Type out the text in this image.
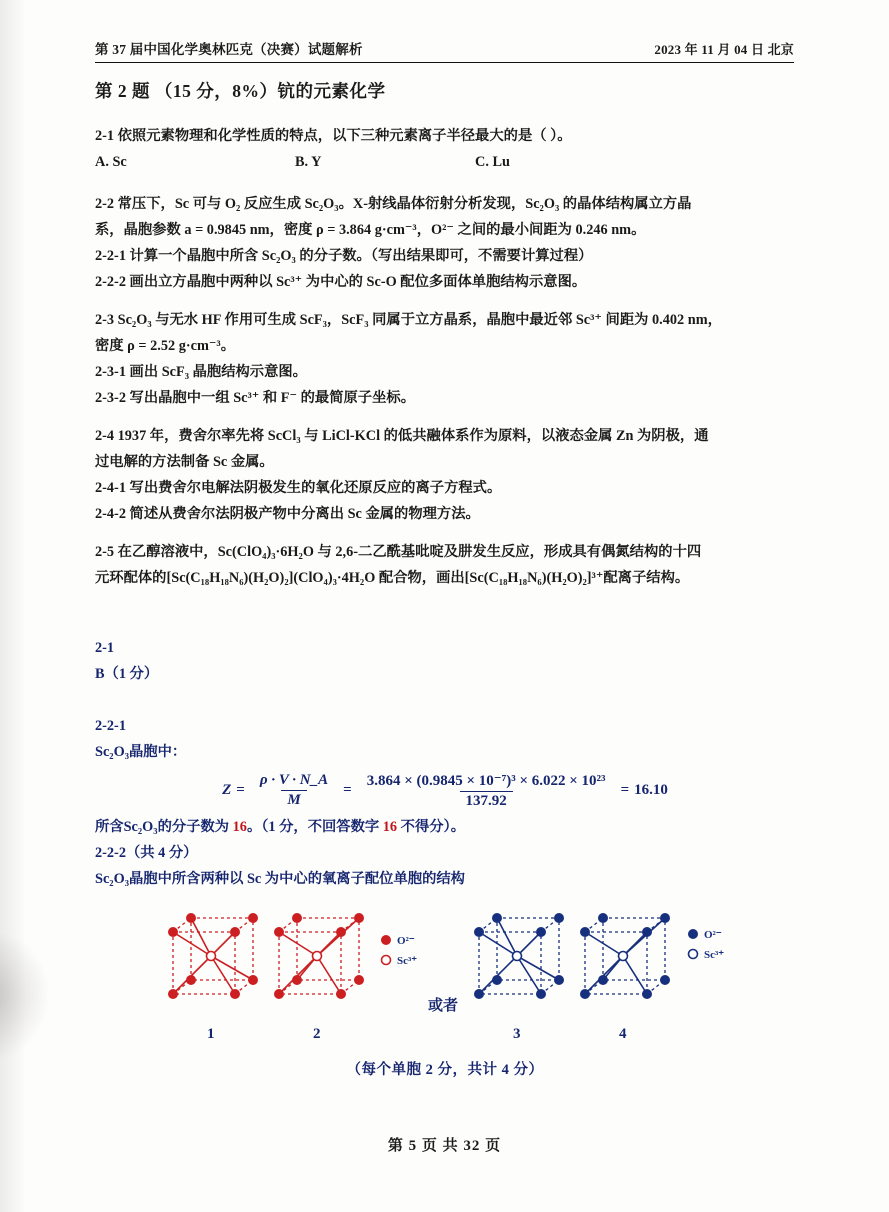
第 37 届中国化学奥林匹克（决赛）试题解析	2023 年 11 月 04 日 北京
第 2 题 （15 分，8%）钪的元素化学

2-1 依照元素物理和化学性质的特点，以下三种元素离子半径最大的是（ ）。

A. Sc	B. Y	C. Lu

2-2 常压下，Sc 可与 O₂ 反应生成 Sc₂O₃。X-射线晶体衍射分析发现，Sc₂O₃ 的晶体结构属立方晶

系，晶胞参数 a = 0.9845 nm，密度 ρ = 3.864 g·cm⁻³，O²⁻ 之间的最小间距为 0.246 nm。

2-2-1 计算一个晶胞中所含 Sc₂O₃ 的分子数。（写出结果即可，不需要计算过程）

2-2-2 画出立方晶胞中两种以 Sc³⁺ 为中心的 Sc-O 配位多面体单胞结构示意图。

2-3 Sc₂O₃ 与无水 HF 作用可生成 ScF₃，ScF₃ 同属于立方晶系，晶胞中最近邻 Sc³⁺ 间距为 0.402 nm，

密度 ρ = 2.52 g·cm⁻³。

2-3-1 画出 ScF₃ 晶胞结构示意图。

2-3-2 写出晶胞中一组 Sc³⁺ 和 F⁻ 的最简原子坐标。

2-4 1937 年，费舍尔率先将 ScCl₃ 与 LiCl-KCl 的低共融体系作为原料，以液态金属 Zn 为阴极，通

过电解的方法制备 Sc 金属。

2-4-1 写出费舍尔电解法阴极发生的氧化还原反应的离子方程式。

2-4-2 简述从费舍尔法阴极产物中分离出 Sc 金属的物理方法。

2-5 在乙醇溶液中，Sc(ClO₄)₃·6H₂O 与 2,6-二乙酰基吡啶及肼发生反应，形成具有偶氮结构的十四

元环配体的[Sc(C₁₈H₁₈N₆)(H₂O)₂](ClO₄)₃·4H₂O 配合物，画出[Sc(C₁₈H₁₈N₆)(H₂O)₂]³⁺配离子结构。

2-1

B（1 分）

2-2-1

Sc₂O₃晶胞中：

$Z = \frac{\rho \cdot V \cdot N\_A}{M} = \frac{\text{3.864 × (0.9845 × 10⁻⁷)³ × 6.022 × 10²³}}{137.92} = 16.10$

所含Sc₂O₃的分子数为 16。（1 分，不回答数字 16 不得分）。

2-2-2（共 4 分）

Sc₂O₃晶胞中所含两种以 Sc 为中心的氧离子配位单胞的结构

O²⁻
Sc³⁺
或者
O²⁻
Sc³⁺
1	2	3	4
（每个单胞 2 分，共计 4 分）
第 5 页 共 32 页
